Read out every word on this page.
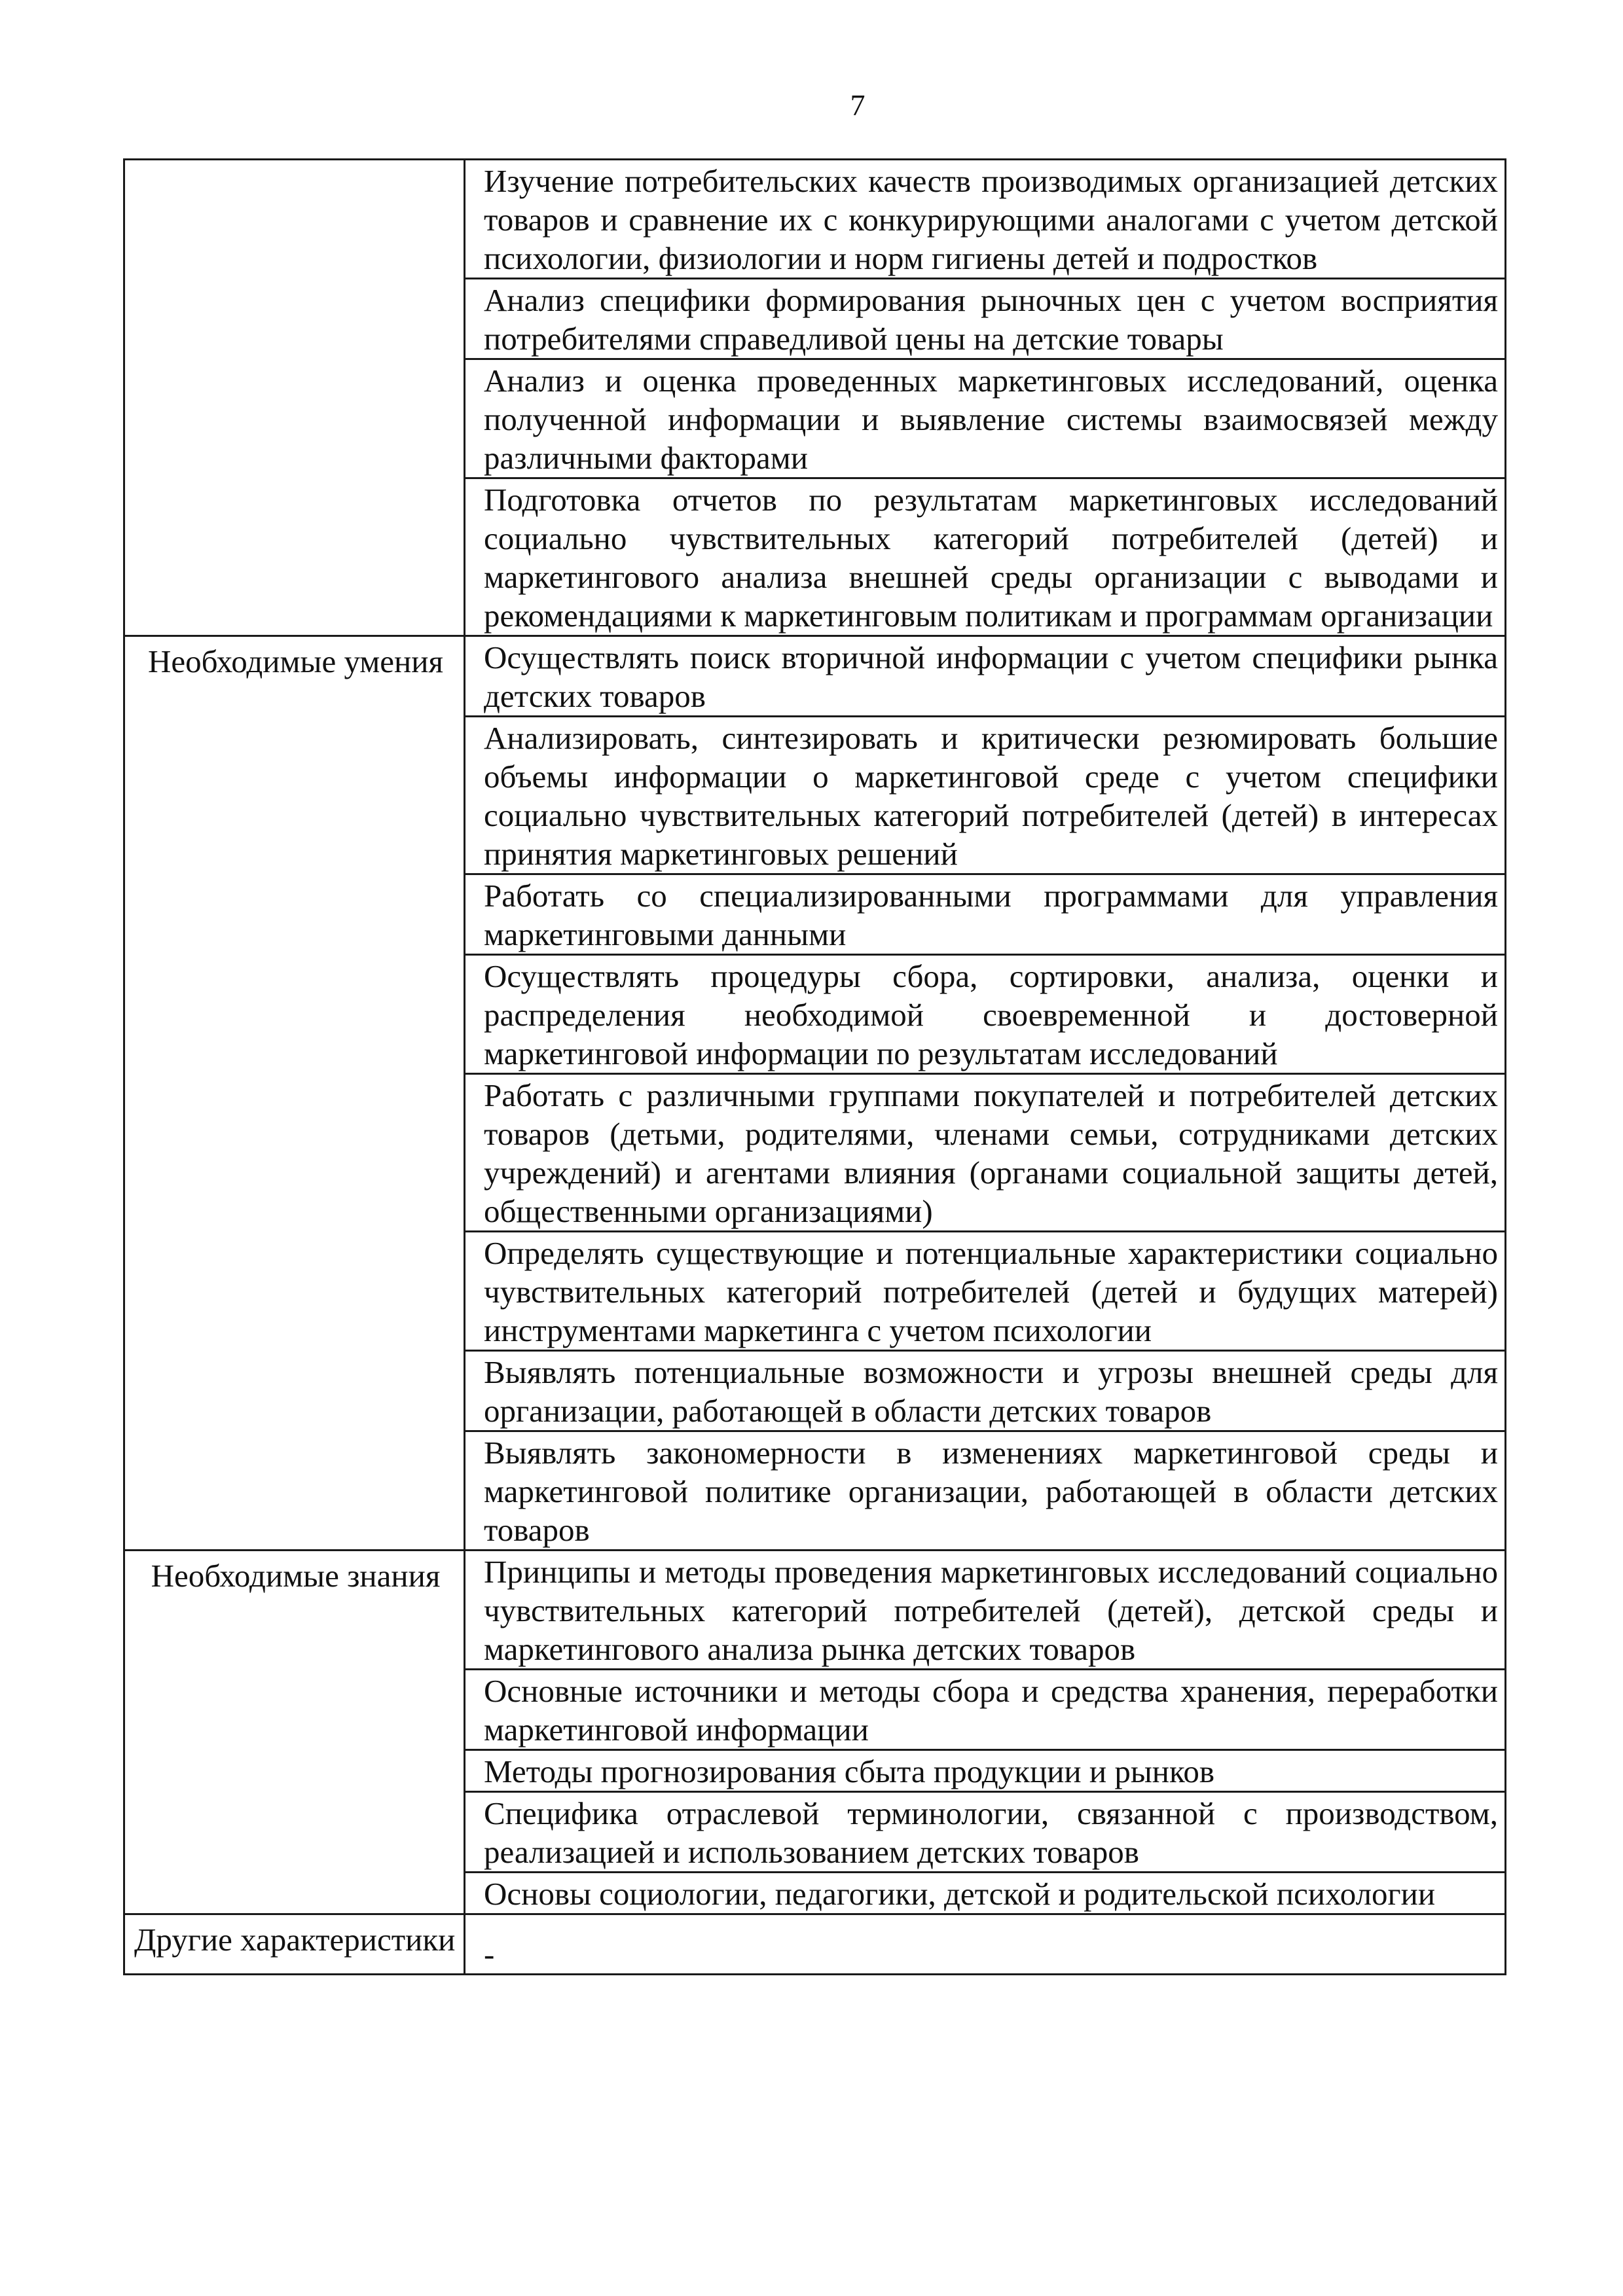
7
	Изучение потребительских качеств производимых организацией детских товаров и сравнение их с конкурирующими аналогами с учетом детской психологии, физиологии и норм гигиены детей и подростков
	Анализ специфики формирования рыночных цен с учетом восприятия потребителями справедливой цены на детские товары
	Анализ и оценка проведенных маркетинговых исследований, оценка полученной информации и выявление системы взаимосвязей между различными факторами
	Подготовка отчетов по результатам маркетинговых исследований социально чувствительных категорий потребителей (детей) и маркетингового анализа внешней среды организации с выводами и рекомендациями к маркетинговым политикам и программам организации
Необходимые умения	Осуществлять поиск вторичной информации с учетом специфики рынка детских товаров
	Анализировать, синтезировать и критически резюмировать большие объемы информации о маркетинговой среде с учетом специфики социально чувствительных категорий потребителей (детей) в интересах принятия маркетинговых решений
	Работать со специализированными программами для управления маркетинговыми данными
	Осуществлять процедуры сбора, сортировки, анализа, оценки и распределения необходимой своевременной и достоверной маркетинговой информации по результатам исследований
	Работать с различными группами покупателей и потребителей детских товаров (детьми, родителями, членами семьи, сотрудниками детских учреждений) и агентами влияния (органами социальной защиты детей, общественными организациями)
	Определять существующие и потенциальные характеристики социально чувствительных категорий потребителей (детей и будущих матерей) инструментами маркетинга с учетом психологии
	Выявлять потенциальные возможности и угрозы внешней среды для организации, работающей в области детских товаров
	Выявлять закономерности в изменениях маркетинговой среды и маркетинговой политике организации, работающей в области детских товаров
Необходимые знания	Принципы и методы проведения маркетинговых исследований социально чувствительных категорий потребителей (детей), детской среды и маркетингового анализа рынка детских товаров
	Основные источники и методы сбора и средства хранения, переработки маркетинговой информации
	Методы прогнозирования сбыта продукции и рынков
	Специфика отраслевой терминологии, связанной с производством, реализацией и использованием детских товаров
	Основы социологии, педагогики, детской и родительской психологии
Другие характеристики	-
